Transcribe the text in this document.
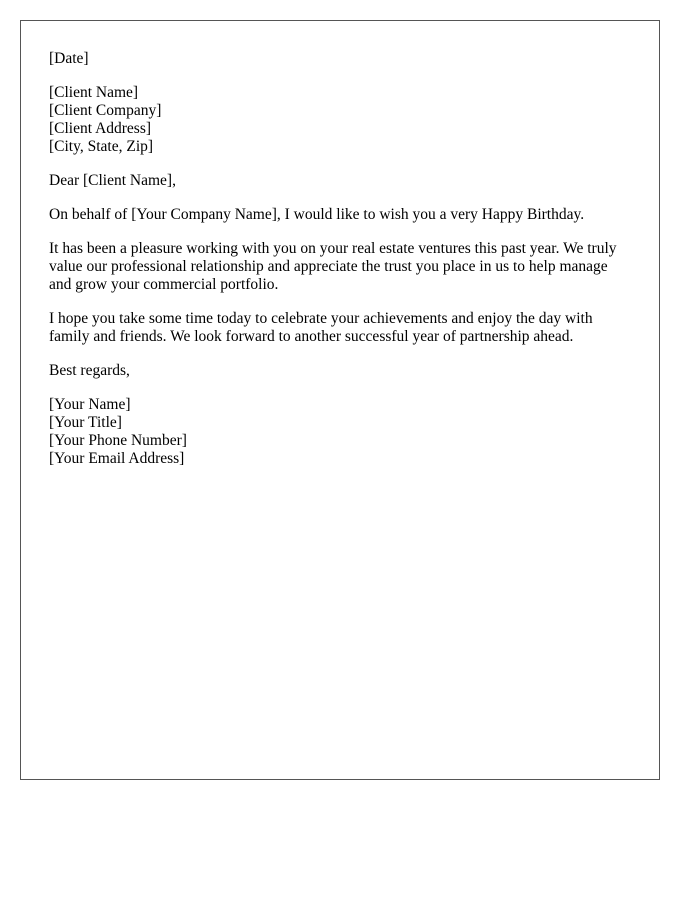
[Date]
[Client Name]
[Client Company]
[Client Address]
[City, State, Zip]
Dear [Client Name],

On behalf of [Your Company Name], I would like to wish you a very Happy Birthday.

It has been a pleasure working with you on your real estate ventures this past year. We truly value our professional relationship and appreciate the trust you place in us to help manage and grow your commercial portfolio.

I hope you take some time today to celebrate your achievements and enjoy the day with family and friends. We look forward to another successful year of partnership ahead.

Best regards,
[Your Name]
[Your Title]
[Your Phone Number]
[Your Email Address]
